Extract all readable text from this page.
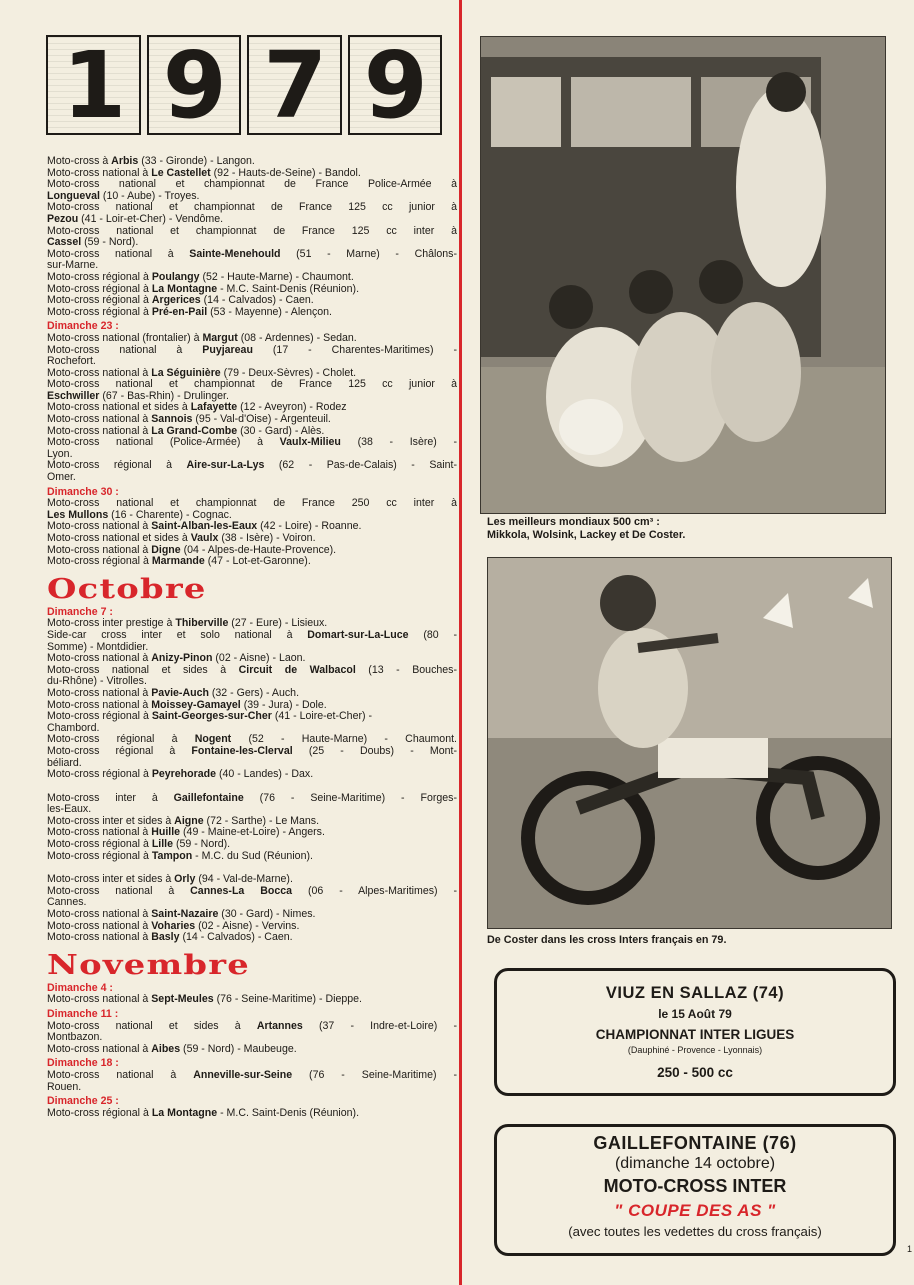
1 9 7 9

Moto-cross à Arbis (33 - Gironde) - Langon.

Moto-cross national à Le Castellet (92 - Hauts-de-Seine) - Bandol.

Moto-cross national et championnat de France Police-Armée à

Longueval (10 - Aube) - Troyes.

Moto-cross national et championnat de France 125 cc junior à

Pezou (41 - Loir-et-Cher) - Vendôme.

Moto-cross national et championnat de France 125 cc inter à

Cassel (59 - Nord).

Moto-cross national à Sainte-Menehould (51 - Marne) - Châlons-

sur-Marne.

Moto-cross régional à Poulangy (52 - Haute-Marne) - Chaumont.

Moto-cross régional à La Montagne - M.C. Saint-Denis (Réunion).

Moto-cross régional à Argerices (14 - Calvados) - Caen.

Moto-cross régional à Pré-en-Pail (53 - Mayenne) - Alençon.

Dimanche 23 :

Moto-cross national (frontalier) à Margut (08 - Ardennes) - Sedan.

Moto-cross national à Puyjareau (17 - Charentes-Maritimes) -

Rochefort.

Moto-cross national à La Séguinière (79 - Deux-Sèvres) - Cholet.

Moto-cross national et championnat de France 125 cc junior à

Eschwiller (67 - Bas-Rhin) - Drulinger.

Moto-cross national et sides à Lafayette (12 - Aveyron) - Rodez

Moto-cross national à Sannois (95 - Val-d'Oise) - Argenteuil.

Moto-cross national à La Grand-Combe (30 - Gard) - Alès.

Moto-cross national (Police-Armée) à Vaulx-Milieu (38 - Isère) -

Lyon.

Moto-cross régional à Aire-sur-La-Lys (62 - Pas-de-Calais) - Saint-

Omer.

Dimanche 30 :

Moto-cross national et championnat de France 250 cc inter à

Les Mullons (16 - Charente) - Cognac.

Moto-cross national à Saint-Alban-les-Eaux (42 - Loire) - Roanne.

Moto-cross national et sides à Vaulx (38 - Isère) - Voiron.

Moto-cross national à Digne (04 - Alpes-de-Haute-Provence).

Moto-cross régional à Marmande (47 - Lot-et-Garonne).

Octobre
Dimanche 7 :

Moto-cross inter prestige à Thiberville (27 - Eure) - Lisieux.

Side-car cross inter et solo national à Domart-sur-La-Luce (80 -

Somme) - Montdidier.

Moto-cross national à Anizy-Pinon (02 - Aisne) - Laon.

Moto-cross national et sides à Circuit de Walbacol (13 - Bouches-

du-Rhône) - Vitrolles.

Moto-cross national à Pavie-Auch (32 - Gers) - Auch.

Moto-cross national à Moissey-Gamayel (39 - Jura) - Dole.

Moto-cross régional à Saint-Georges-sur-Cher (41 - Loire-et-Cher) -

Chambord.

Moto-cross régional à Nogent (52 - Haute-Marne) - Chaumont.

Moto-cross régional à Fontaine-les-Clerval (25 - Doubs) - Mont-

béliard.

Moto-cross régional à Peyrehorade (40 - Landes) - Dax.

Moto-cross inter à Gaillefontaine (76 - Seine-Maritime) - Forges-

les-Eaux.

Moto-cross inter et sides à Aigne (72 - Sarthe) - Le Mans.

Moto-cross national à Huille (49 - Maine-et-Loire) - Angers.

Moto-cross régional à Lille (59 - Nord).

Moto-cross régional à Tampon - M.C. du Sud (Réunion).

Moto-cross inter et sides à Orly (94 - Val-de-Marne).

Moto-cross national à Cannes-La Bocca (06 - Alpes-Maritimes) -

Cannes.

Moto-cross national à Saint-Nazaire (30 - Gard) - Nimes.

Moto-cross national à Voharies (02 - Aisne) - Vervins.

Moto-cross national à Basly (14 - Calvados) - Caen.

Novembre
Dimanche 4 :

Moto-cross national à Sept-Meules (76 - Seine-Maritime) - Dieppe.

Dimanche 11 :

Moto-cross national et sides à Artannes (37 - Indre-et-Loire) -

Montbazon.

Moto-cross national à Aibes (59 - Nord) - Maubeuge.

Dimanche 18 :

Moto-cross national à Anneville-sur-Seine (76 - Seine-Maritime) -

Rouen.

Dimanche 25 :

Moto-cross régional à La Montagne - M.C. Saint-Denis (Réunion).

Les meilleurs mondiaux 500 cm³ :
Mikkola, Wolsink, Lackey et De Coster.
De Coster dans les cross Inters français en 79.
VIUZ EN SALLAZ (74)
le 15 Août 79
CHAMPIONNAT INTER LIGUES
(Dauphiné - Provence - Lyonnais)
250 - 500 cc
GAILLEFONTAINE (76)
(dimanche 14 octobre)
MOTO-CROSS INTER
" COUPE DES AS "
(avec toutes les vedettes du cross français)
1
